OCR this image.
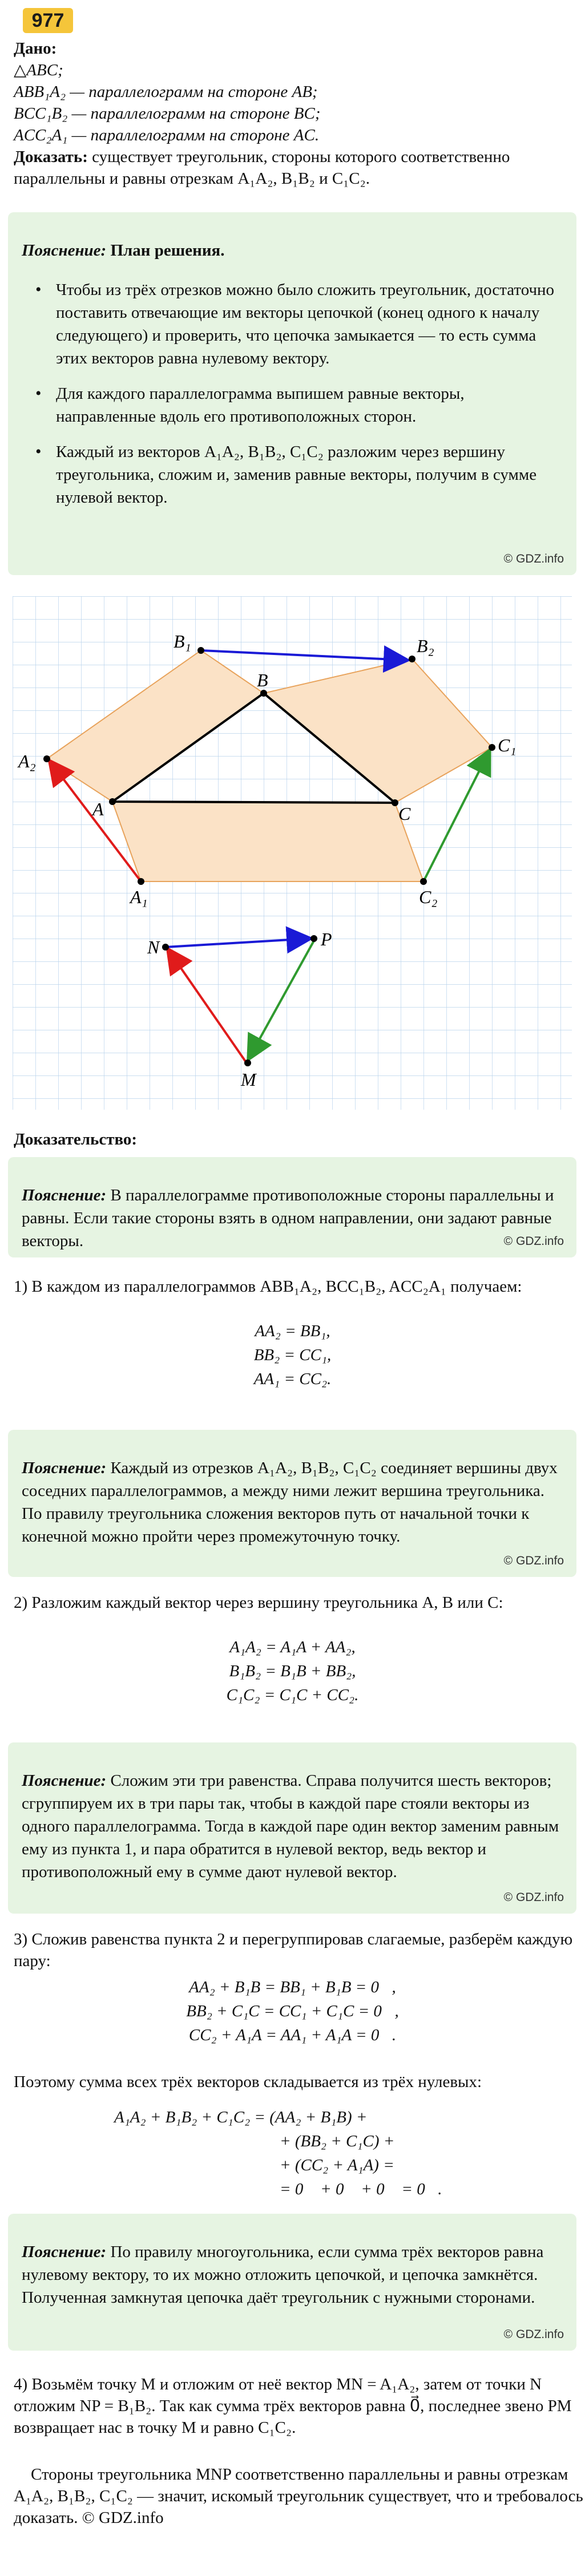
977

Дано:

△ABC;

ABB₁A₂ — параллелограмм на стороне AB;

BCC₁B₂ — параллелограмм на стороне BC;

ACC₂A₁ — параллелограмм на стороне AC.

Доказать: существует треугольник, стороны которого соответственно параллельны и равны отрезкам A₁A₂, B₁B₂ и C₁C₂.

Пояснение: План решения.

• Чтобы из трёх отрезков можно было сложить треугольник, достаточно поставить отвечающие им векторы цепочкой (конец одного к началу следующего) и проверить, что цепочка замыкается — то есть сумма этих векторов равна нулевому вектору.
• Для каждого параллелограмма выпишем равные векторы, направленные вдоль его противоположных сторон.
• Каждый из векторов A₁A₂, B₁B₂, C₁C₂ разложим через вершину треугольника, сложим и, заменив равные векторы, получим в сумме нулевой вектор.
© GDZ.info
B₁	B₂
B
A₂
C₁
A	C
A₁	C₂
N	P
M
Доказательство:

Пояснение: В параллелограмме противоположные стороны параллельны и равны. Если такие стороны взять в одном направлении, они задают равные векторы.	© GDZ.info
1) В каждом из параллелограммов ABB₁A₂, BCC₁B₂, ACC₂A₁ получаем:
AA₂ = BB₁,
BB₂ = CC₁,
AA₁ = CC₂.

Пояснение: Каждый из отрезков A₁A₂, B₁B₂, C₁C₂ соединяет вершины двух соседних параллелограммов, а между ними лежит вершина треугольника. По правилу треугольника сложения векторов путь от начальной точки к конечной можно пройти через промежуточную точку.

© GDZ.info
2) Разложим каждый вектор через вершину треугольника A, B или C:
A₁A₂ = A₁A + AA₂,
B₁B₂ = B₁B + BB₂,
C₁C₂ = C₁C + CC₂.

Пояснение: Сложим эти три равенства. Справа получится шесть векторов; сгруппируем их в три пары так, чтобы в каждой паре стояли векторы из одного параллелограмма. Тогда в каждой паре один вектор заменим равным ему из пункта 1, и пара обратится в нулевой вектор, ведь вектор и противоположный ему в сумме дают нулевой вектор.

© GDZ.info
3) Сложив равенства пункта 2 и перегруппировав слагаемые, разберём каждую пару:
AA₂ + B₁B = BB₁ + B₁B = 0⃗,
BB₂ + C₁C = CC₁ + C₁C = 0⃗,
CC₂ + A₁A = AA₁ + A₁A = 0⃗.
Поэтому сумма всех трёх векторов складывается из трёх нулевых:
A₁A₂ + B₁B₂ + C₁C₂ = (AA₂ + B₁B) +
+ (BB₂ + C₁C) +
+ (CC₂ + A₁A) =
= 0⃗ + 0⃗ + 0⃗ = 0⃗.

Пояснение: По правилу многоугольника, если сумма трёх векторов равна нулевому вектору, то их можно отложить цепочкой, и цепочка замкнётся. Полученная замкнутая цепочка даёт треугольник с нужными сторонами.

© GDZ.info
4) Возьмём точку M и отложим от неё вектор MN = A₁A₂, затем от точки N отложим NP = B₁B₂. Так как сумма трёх векторов равна 0⃗, последнее звено PM возвращает нас в точку M и равно C₁C₂.
Стороны треугольника MNP соответственно параллельны и равны отрезкам A₁A₂, B₁B₂, C₁C₂ — значит, искомый треугольник существует, что и требовалось доказать. © GDZ.info
